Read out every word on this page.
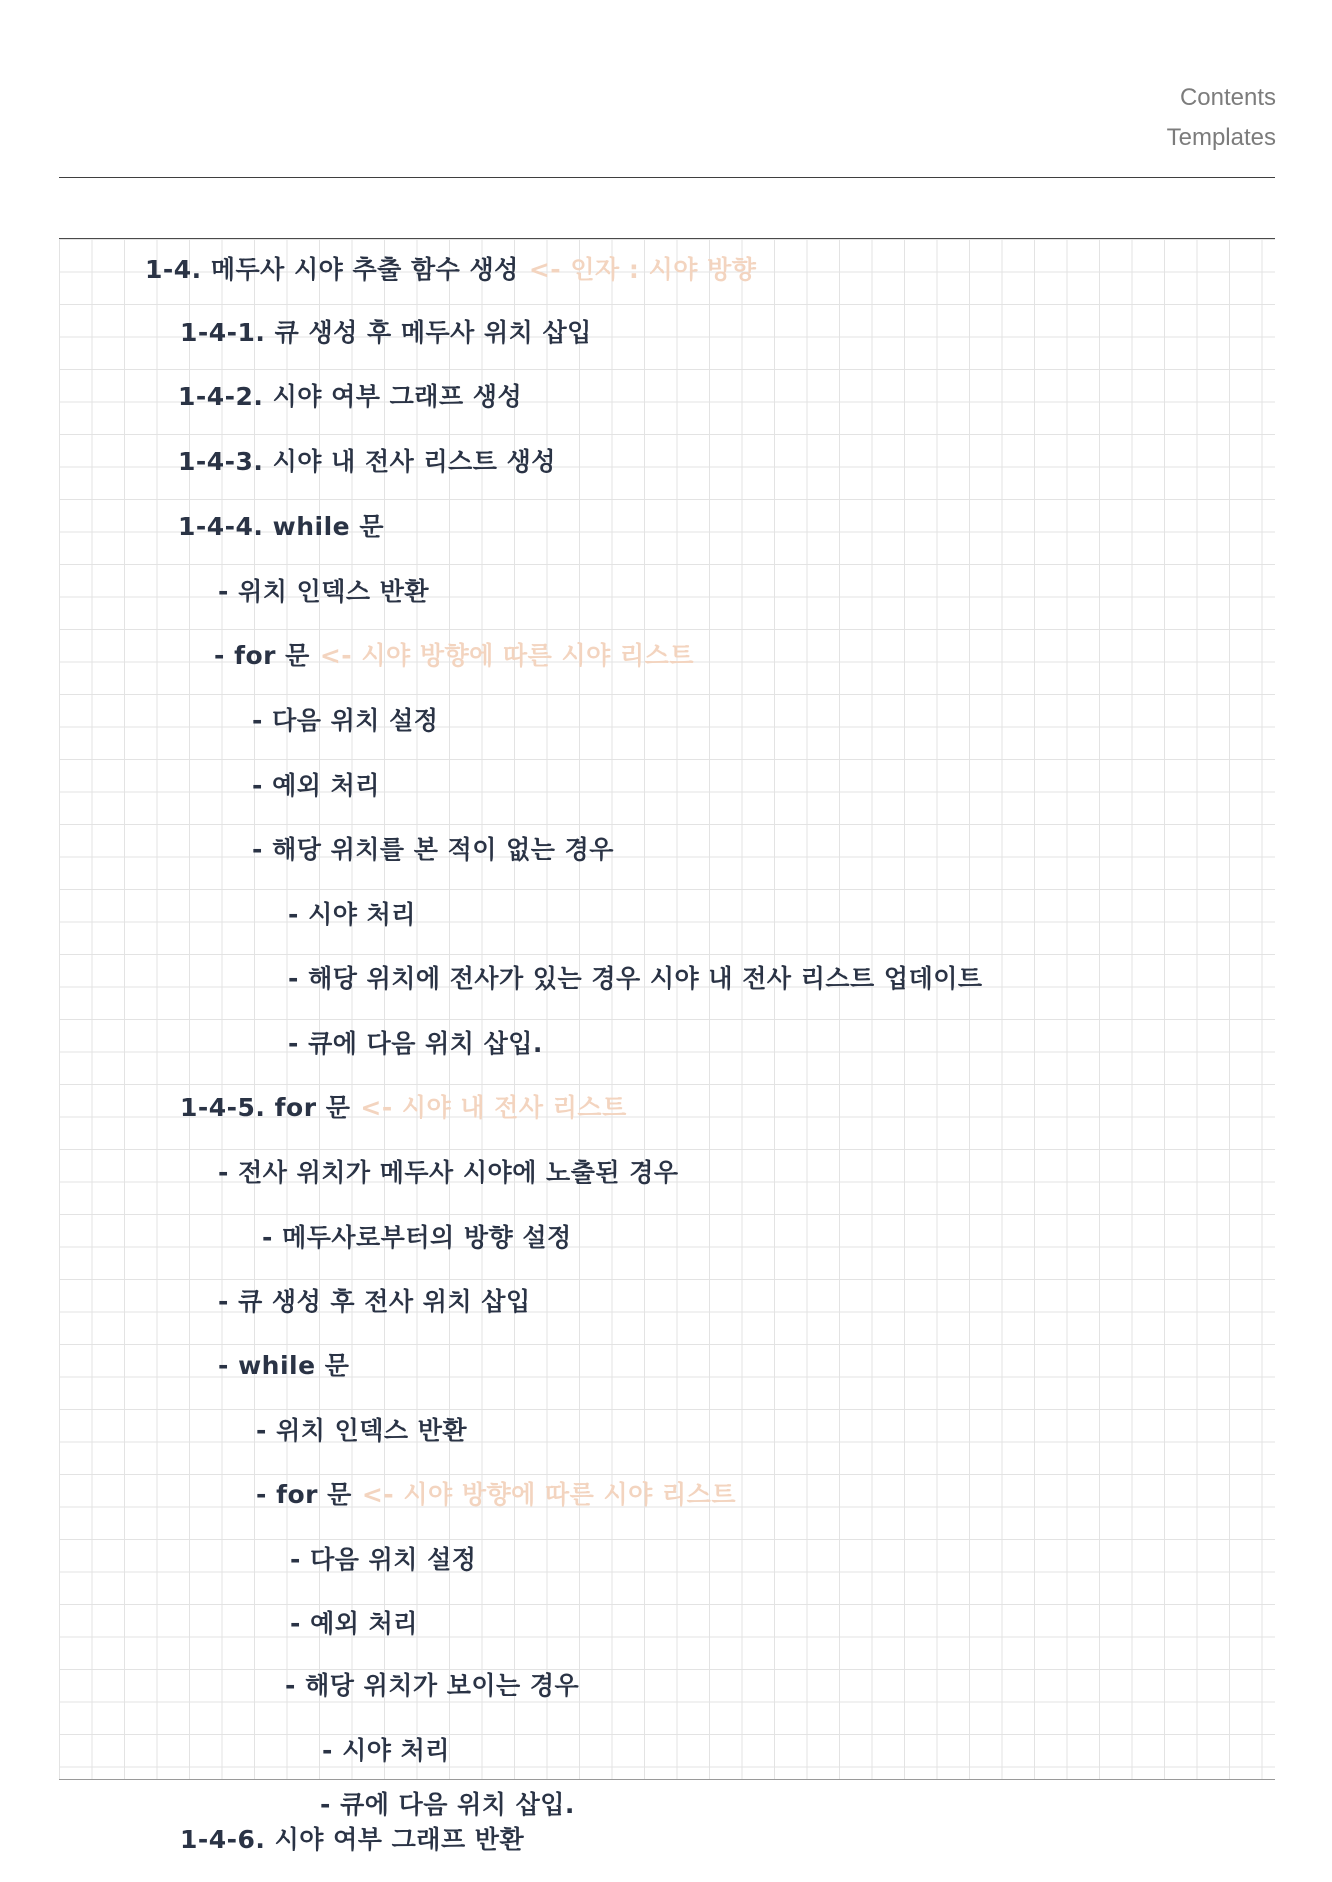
Contents
Templates
1-4. 메두사 시야 추출 함수 생성 <- 인자 : 시야 방향
1-4-1. 큐 생성 후 메두사 위치 삽입
1-4-2. 시야 여부 그래프 생성
1-4-3. 시야 내 전사 리스트 생성
1-4-4. while 문
- 위치 인덱스 반환
- for 문 <- 시야 방향에 따른 시야 리스트
- 다음 위치 설정
- 예외 처리
- 해당 위치를 본 적이 없는 경우
- 시야 처리
- 해당 위치에 전사가 있는 경우 시야 내 전사 리스트 업데이트
- 큐에 다음 위치 삽입.
1-4-5. for 문 <- 시야 내 전사 리스트
- 전사 위치가 메두사 시야에 노출된 경우
- 메두사로부터의 방향 설정
- 큐 생성 후 전사 위치 삽입
- while 문
- 위치 인덱스 반환
- for 문 <- 시야 방향에 따른 시야 리스트
- 다음 위치 설정
- 예외 처리
- 해당 위치가 보이는 경우
- 시야 처리
- 큐에 다음 위치 삽입.
1-4-6. 시야 여부 그래프 반환
